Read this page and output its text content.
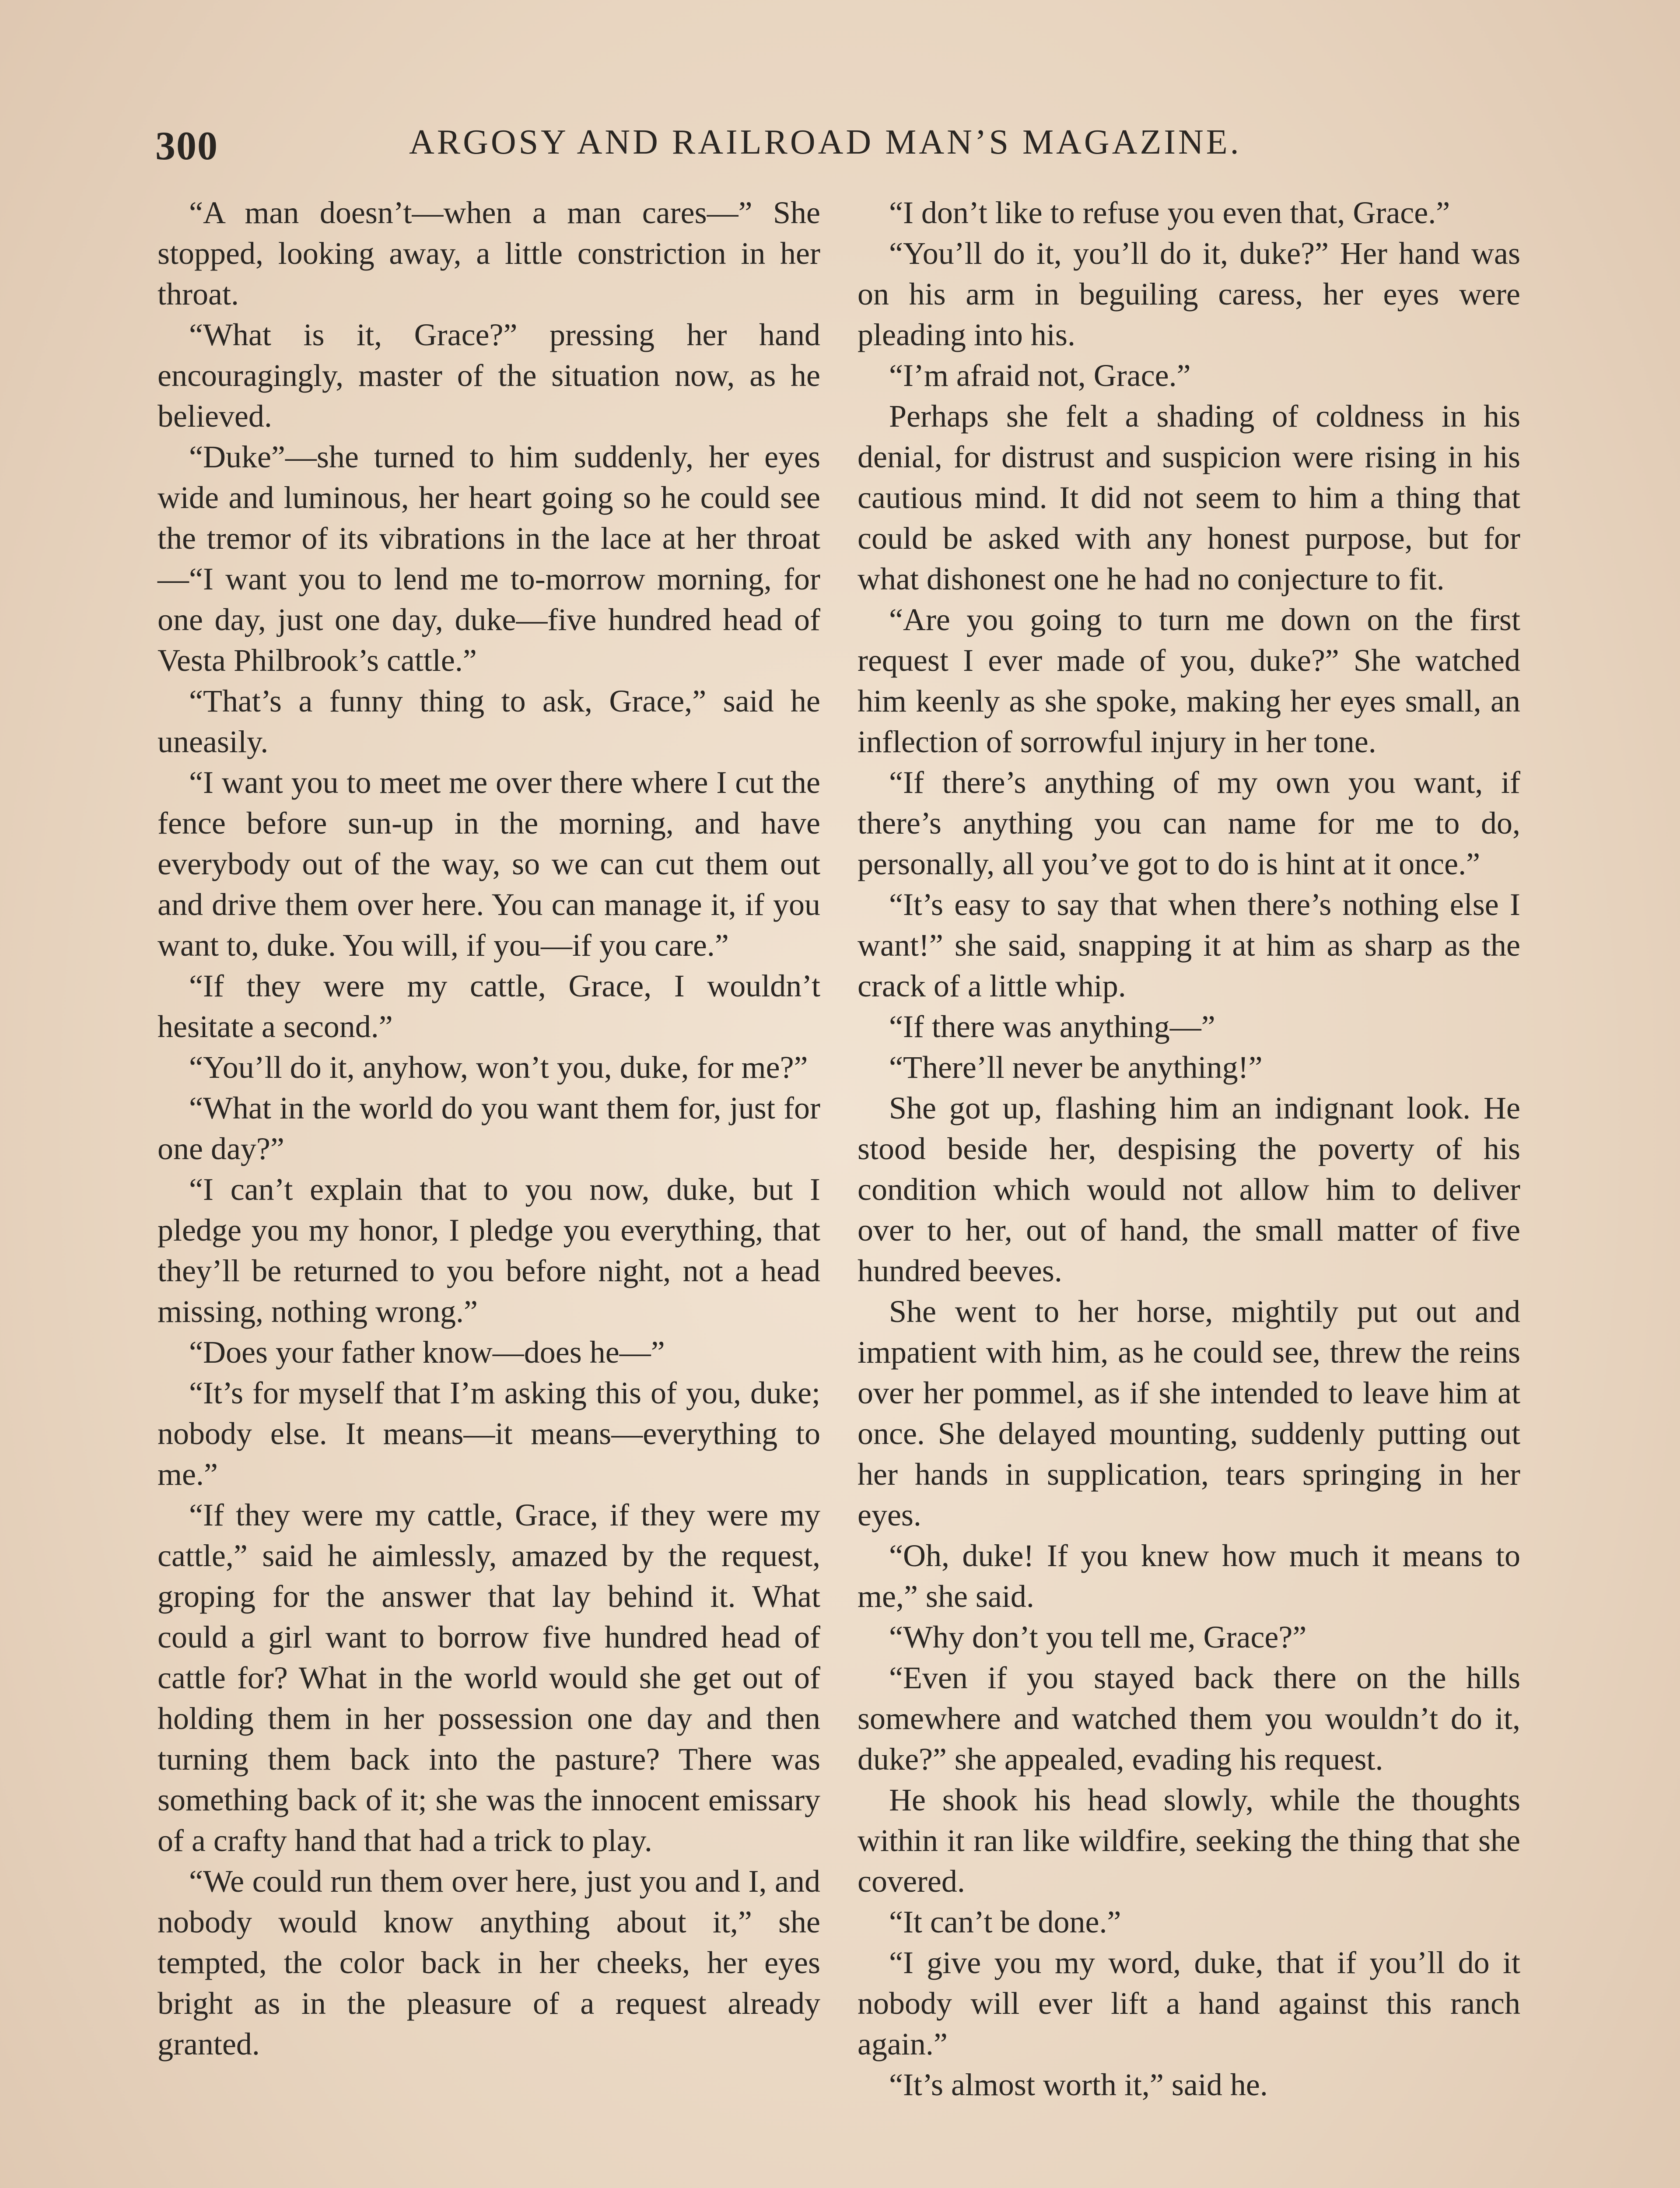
300	ARGOSY AND RAILROAD MAN’S MAGAZINE.

“A man doesn’t—when a man cares—” She stopped, looking away, a little constriction in her throat.

“What is it, Grace?” pressing her hand encouragingly, master of the situation now, as he believed.

“Duke”—she turned to him suddenly, her eyes wide and luminous, her heart going so he could see the tremor of its vibrations in the lace at her throat—“I want you to lend me to-morrow morning, for one day, just one day, duke—five hundred head of Vesta Philbrook’s cattle.”

“That’s a funny thing to ask, Grace,” said he uneasily.

“I want you to meet me over there where I cut the fence before sun-up in the morning, and have everybody out of the way, so we can cut them out and drive them over here. You can manage it, if you want to, duke. You will, if you—if you care.”

“If they were my cattle, Grace, I wouldn’t hesitate a second.”

“You’ll do it, anyhow, won’t you, duke, for me?”

“What in the world do you want them for, just for one day?”

“I can’t explain that to you now, duke, but I pledge you my honor, I pledge you everything, that they’ll be returned to you before night, not a head missing, nothing wrong.”

“Does your father know—does he—”

“It’s for myself that I’m asking this of you, duke; nobody else. It means—it means—everything to me.”

“If they were my cattle, Grace, if they were my cattle,” said he aimlessly, amazed by the request, groping for the answer that lay behind it. What could a girl want to borrow five hundred head of cattle for? What in the world would she get out of holding them in her possession one day and then turning them back into the pasture? There was something back of it; she was the innocent emissary of a crafty hand that had a trick to play.

“We could run them over here, just you and I, and nobody would know anything about it,” she tempted, the color back in her cheeks, her eyes bright as in the pleasure of a request already granted.

“I don’t like to refuse you even that, Grace.”

“You’ll do it, you’ll do it, duke?” Her hand was on his arm in beguiling caress, her eyes were pleading into his.

“I’m afraid not, Grace.”

Perhaps she felt a shading of coldness in his denial, for distrust and suspicion were rising in his cautious mind. It did not seem to him a thing that could be asked with any honest purpose, but for what dishonest one he had no conjecture to fit.

“Are you going to turn me down on the first request I ever made of you, duke?” She watched him keenly as she spoke, making her eyes small, an inflection of sorrowful injury in her tone.

“If there’s anything of my own you want, if there’s anything you can name for me to do, personally, all you’ve got to do is hint at it once.”

“It’s easy to say that when there’s nothing else I want!” she said, snapping it at him as sharp as the crack of a little whip.

“If there was anything—”

“There’ll never be anything!”

She got up, flashing him an indignant look. He stood beside her, despising the poverty of his condition which would not allow him to deliver over to her, out of hand, the small matter of five hundred beeves.

She went to her horse, mightily put out and impatient with him, as he could see, threw the reins over her pommel, as if she intended to leave him at once. She delayed mounting, suddenly putting out her hands in supplication, tears springing in her eyes.

“Oh, duke! If you knew how much it means to me,” she said.

“Why don’t you tell me, Grace?”

“Even if you stayed back there on the hills somewhere and watched them you wouldn’t do it, duke?” she appealed, evading his request.

He shook his head slowly, while the thoughts within it ran like wildfire, seeking the thing that she covered.

“It can’t be done.”

“I give you my word, duke, that if you’ll do it nobody will ever lift a hand against this ranch again.”

“It’s almost worth it,” said he.
